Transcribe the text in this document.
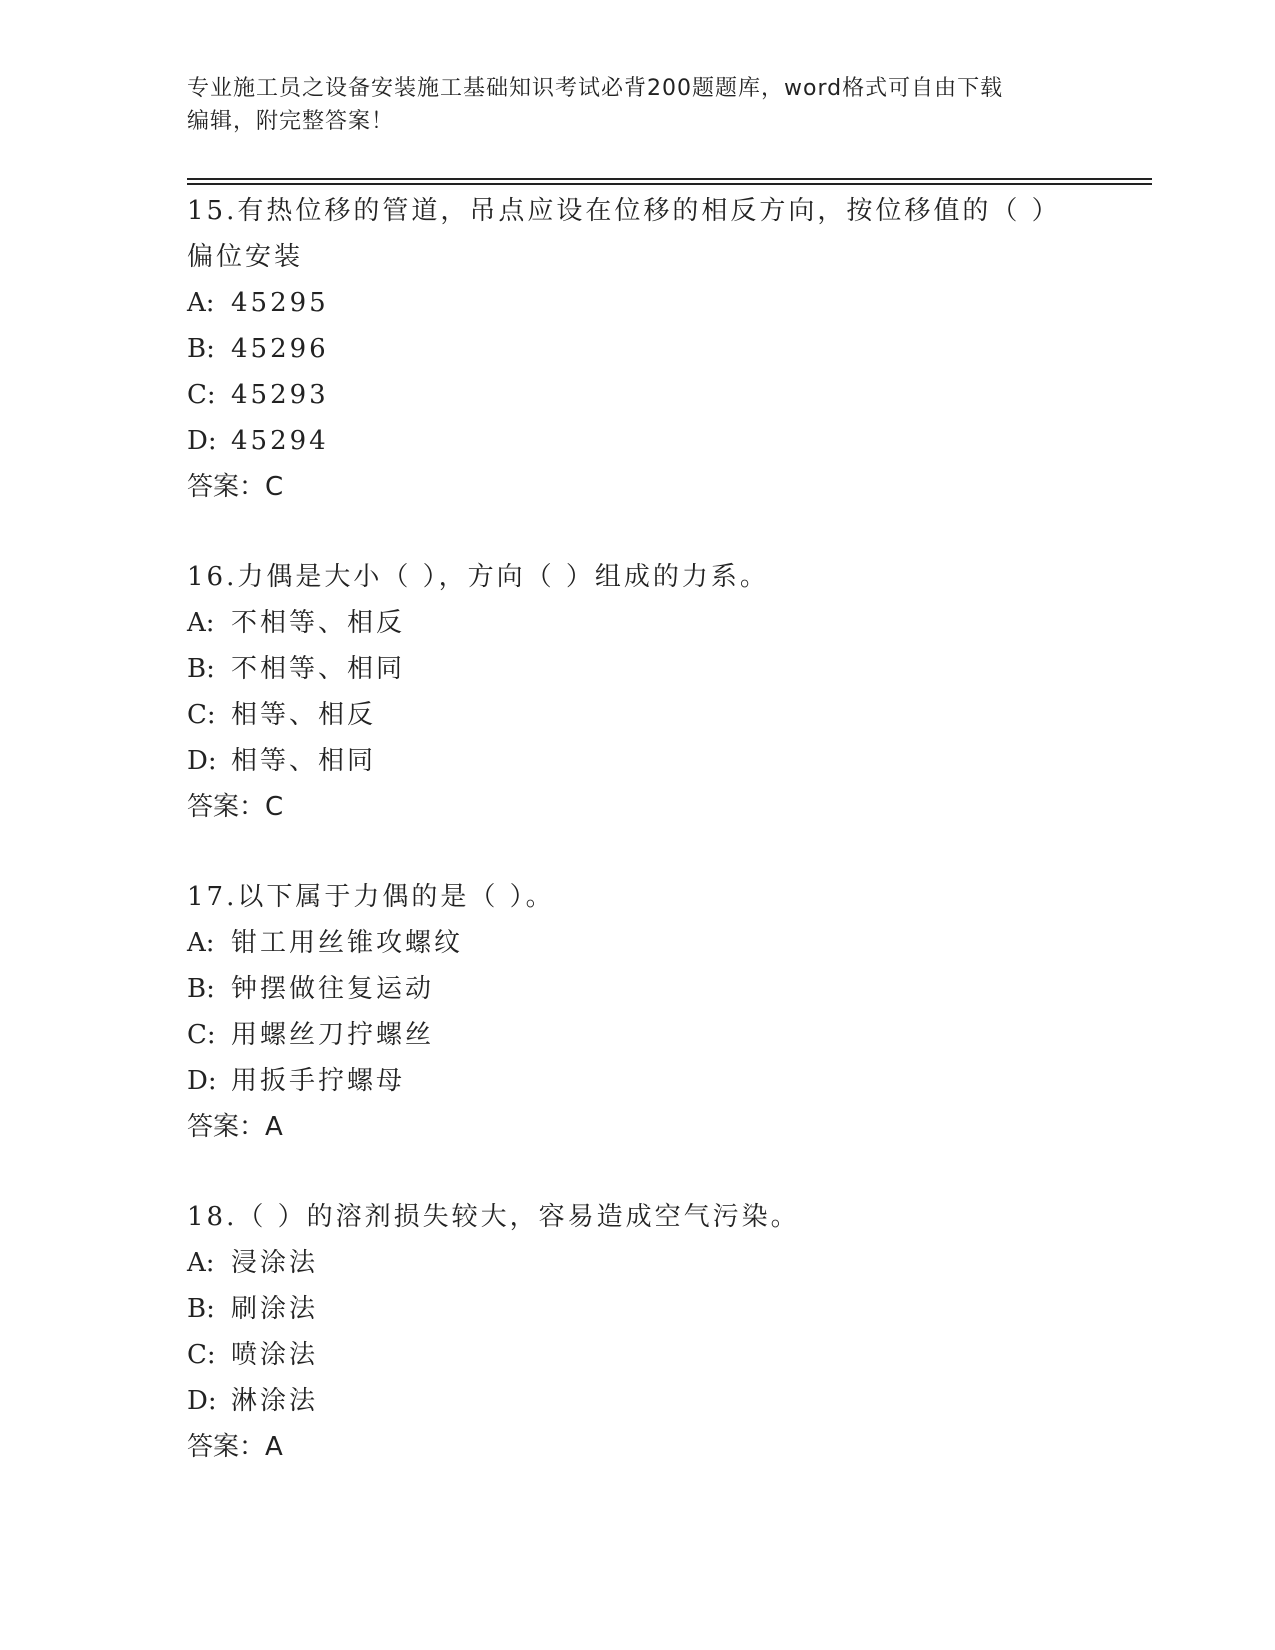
专业施工员之设备安装施工基础知识考试必背200题题库，word格式可自由下载
编辑，附完整答案！
15.有热位移的管道，吊点应设在位移的相反方向，按位移值的（ ）
偏位安装
A: 45295
B: 45296
C: 45293
D: 45294
答案：C
16.力偶是大小（ ），方向（ ）组成的力系。
A: 不相等、相反
B: 不相等、相同
C: 相等、相反
D: 相等、相同
答案：C
17.以下属于力偶的是（ ）。
A: 钳工用丝锥攻螺纹
B: 钟摆做往复运动
C: 用螺丝刀拧螺丝
D: 用扳手拧螺母
答案：A
18.（ ）的溶剂损失较大，容易造成空气污染。
A: 浸涂法
B: 刷涂法
C: 喷涂法
D: 淋涂法
答案：A
